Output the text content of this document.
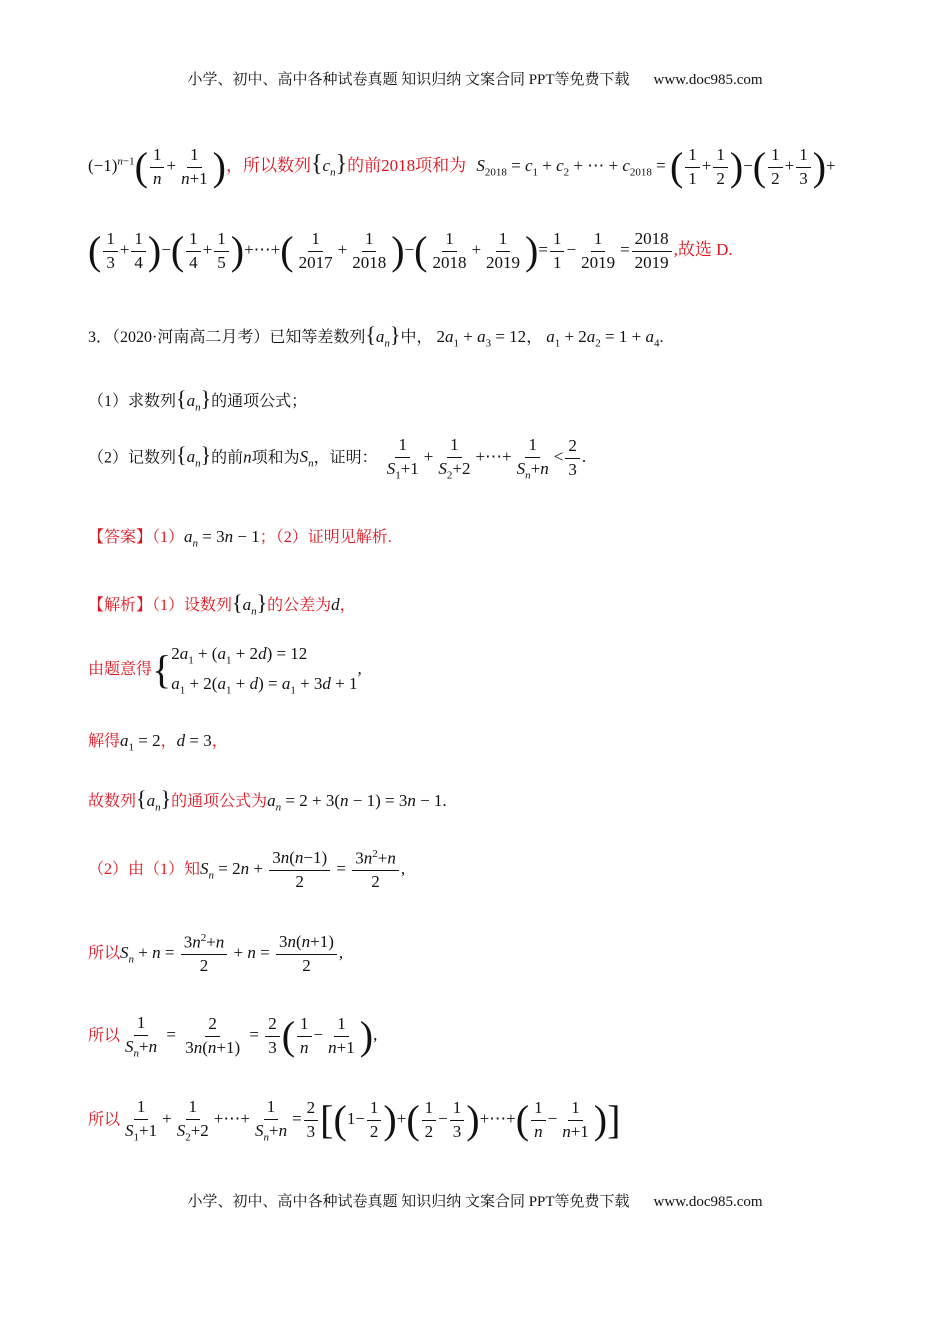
小学、初中、高中各种试卷真题 知识归纳 文案合同 PPT等免费下载 www.doc985.com
$(-1)^{n-1}( \frac{1}{n} + \frac{1}{n+1}$ )，所以数列$\{c_n\}$的前2018项和为 $S_{2018} = c_1 + c_2$ + ⋯ + $c_{2018}$ = ( $\frac{1}{1} + \frac{1}{2}$ )−( $\frac{1}{2} + \frac{1}{3}$ )+
( $\frac{1}{3} + \frac{1}{4}$ )−( $\frac{1}{4} + \frac{1}{5}$ )+⋯+( $\frac{1}{2017} + \frac{1}{2018}$ )−( $\frac{1}{2018} + \frac{1}{2019}$ )= $\frac{1}{1} - \frac{1}{2019} = \frac{2018}{2019}$ ,故选 D.
3．（2020·河南高二月考）已知等差数列$\{a_n\}$中， $2a_1 + a_3 = 12$， $a_1 + 2a_2 = 1 + a_4$.
（1）求数列$\{a_n\}$的通项公式；
（2）记数列$\{a_n\}$的前n项和为$S_n$，证明： $\frac{1}{S_1+1} + \frac{1}{S_2+2}$ +⋯+ $\frac{1}{S_n+n} < \frac{2}{3}$ .
【答案】$(1)a_n = 3n - 1$；（2）证明见解析.
【解析】（1）设数列$\{a_n\}$的公差为d，
由题意得{ $2a_1 + (a_1 + 2d) = 12$
$a_1 + 2(a_1 + d) = a_1 + 3d + 1$
,
解得$a_1 = 2$，d = 3，
故数列$\{a_n\}$的通项公式为$a_n = 2 + 3(n - 1) = 3n - 1$.
（2）由（1）知$S_n = 2n + \frac{3n(n-1)}{2} = \frac{3n^2+n}{2}$ ,
所以$S_n + n = \frac{3n^2+n}{2} + n = \frac{3n(n+1)}{2}$ ,
所以 $\frac{1}{S_n+n} = \frac{2}{3n(n+1)} = \frac{2}{3}$ ( $\frac{1}{n} - \frac{1}{n+1}$ ),
所以 $\frac{1}{S_1+1} + \frac{1}{S_2+2}$ +⋯+ $\frac{1}{S_n+n} = \frac{2}{3} [(1- \frac{1}{2}$ )+( $\frac{1}{2} - \frac{1}{3}$ )+⋯+( $\frac{1}{n} - \frac{1}{n+1}$ )]
小学、初中、高中各种试卷真题 知识归纳 文案合同 PPT等免费下载 www.doc985.com
